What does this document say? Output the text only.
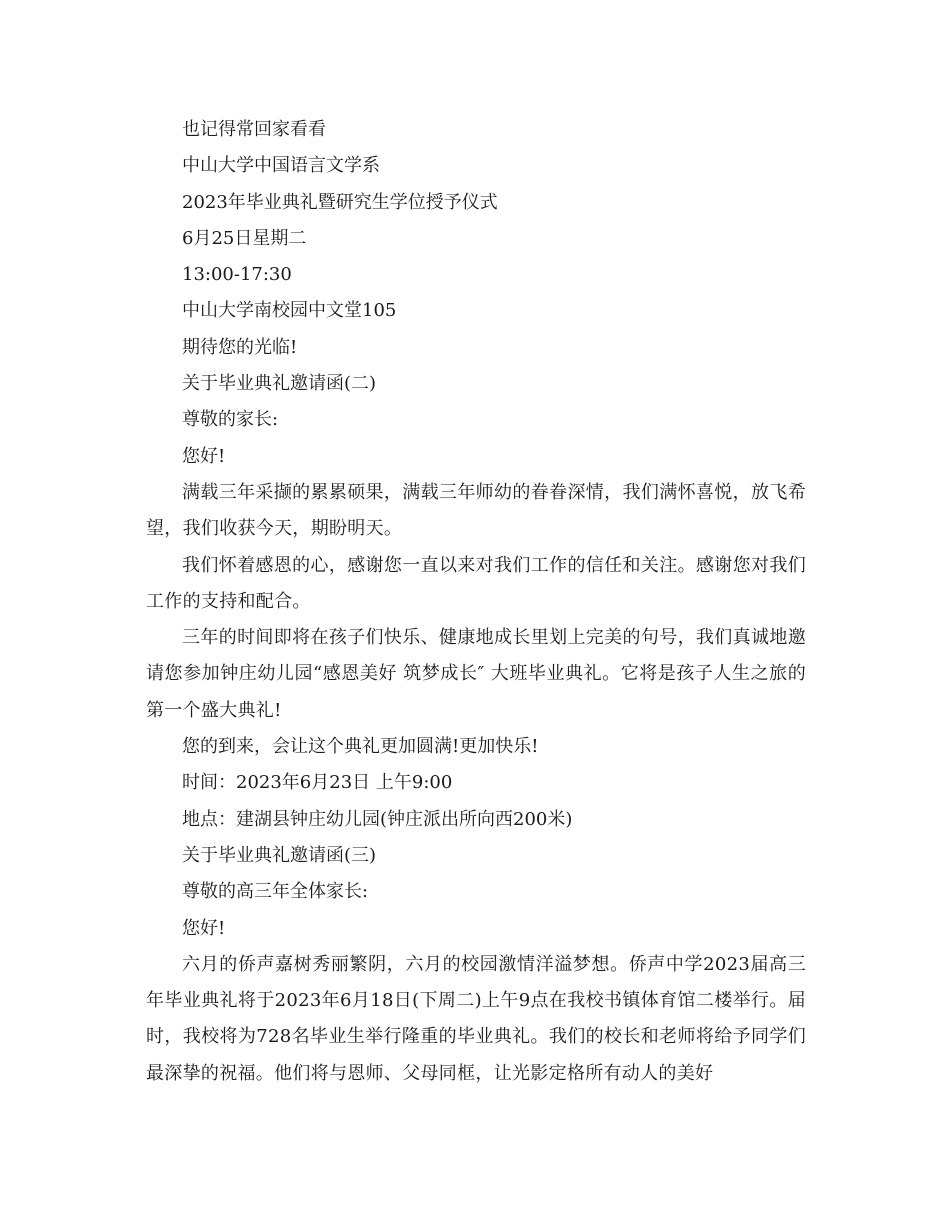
也记得常回家看看

中山大学中国语言文学系

2023年毕业典礼暨研究生学位授予仪式

6月25日星期二

13:00-17:30

中山大学南校园中文堂105

期待您的光临!

关于毕业典礼邀请函(二)

尊敬的家长:

您好!

满载三年采撷的累累硕果，满载三年师幼的眷眷深情，我们满怀喜悦，放飞希望，我们收获今天，期盼明天。

我们怀着感恩的心，感谢您一直以来对我们工作的信任和关注。感谢您对我们工作的支持和配合。

三年的时间即将在孩子们快乐、健康地成长里划上完美的句号，我们真诚地邀请您参加钟庄幼儿园“感恩美好 筑梦成长″ 大班毕业典礼。它将是孩子人生之旅的第一个盛大典礼!

您的到来，会让这个典礼更加圆满!更加快乐!

时间：2023年6月23日 上午9:00

地点：建湖县钟庄幼儿园(钟庄派出所向西200米)

关于毕业典礼邀请函(三)

尊敬的高三年全体家长:

您好!

六月的侨声嘉树秀丽繁阴，六月的校园激情洋溢梦想。侨声中学2023届高三年毕业典礼将于2023年6月18日(下周二)上午9点在我校书镇体育馆二楼举行。届时，我校将为728名毕业生举行隆重的毕业典礼。我们的校长和老师将给予同学们最深挚的祝福。他们将与恩师、父母同框，让光影定格所有动人的美好
